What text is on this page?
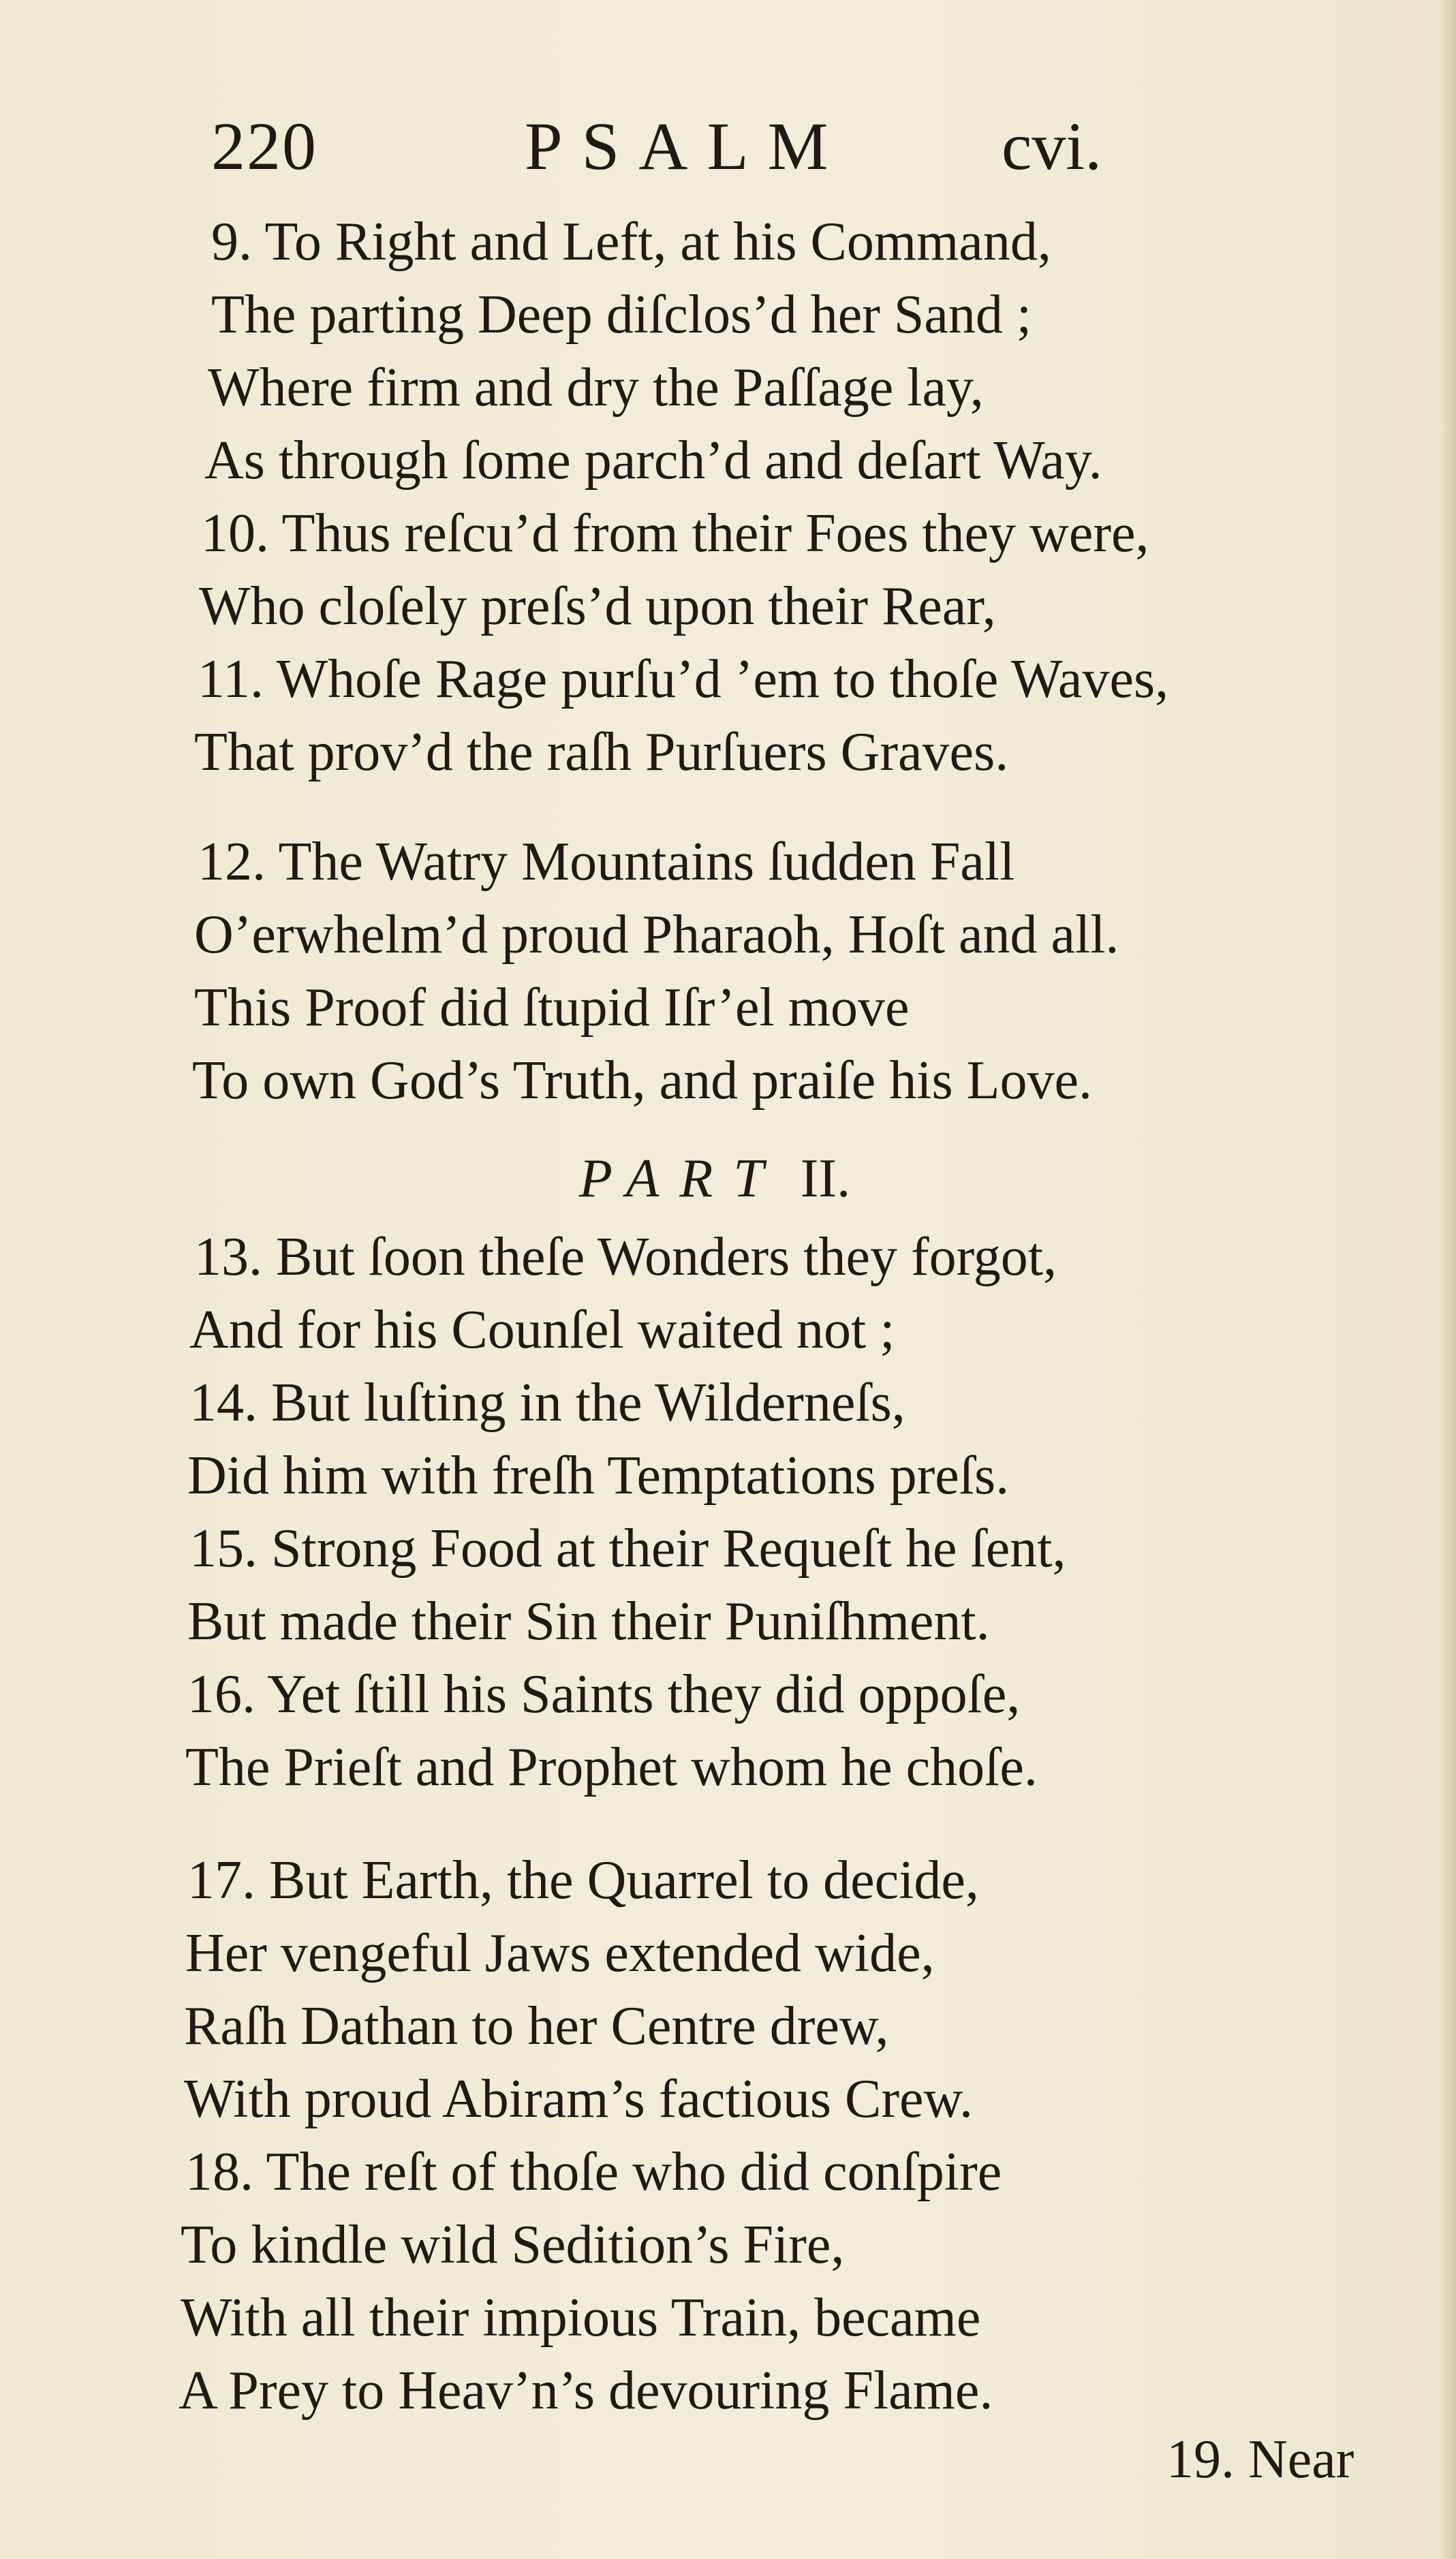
220	PSALM cvi.
9. To Right and Left, at his Command,
The parting Deep diſclos’d her Sand ;
Where firm and dry the Paſſage lay,
As through ſome parch’d and deſart Way.
10. Thus reſcu’d from their Foes they were,
Who cloſely preſs’d upon their Rear,
11. Whoſe Rage purſu’d ’em to thoſe Waves,
That prov’d the raſh Purſuers Graves.
12. The Watry Mountains ſudden Fall
O’erwhelm’d proud Pharaoh, Hoſt and all.
This Proof did ſtupid Iſr’el move
To own God’s Truth, and praiſe his Love.
PART II.
13. But ſoon theſe Wonders they forgot,
And for his Counſel waited not ;
14. But luſting in the Wilderneſs,
Did him with freſh Temptations preſs.
15. Strong Food at their Requeſt he ſent,
But made their Sin their Puniſhment.
16. Yet ſtill his Saints they did oppoſe,
The Prieſt and Prophet whom he choſe.
17. But Earth, the Quarrel to decide,
Her vengeful Jaws extended wide,
Raſh Dathan to her Centre drew,
With proud Abiram’s factious Crew.
18. The reſt of thoſe who did conſpire
To kindle wild Sedition’s Fire,
With all their impious Train, became
A Prey to Heav’n’s devouring Flame.
19. Near
